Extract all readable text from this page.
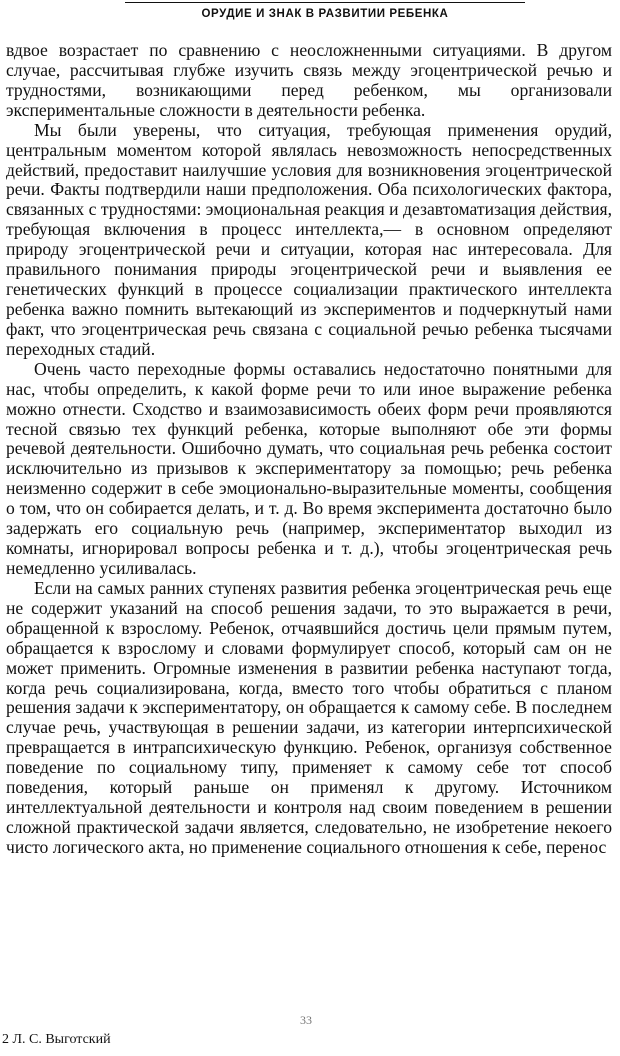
ОРУДИЕ И ЗНАК В РАЗВИТИИ РЕБЕНКА

вдвое возрастает по сравнению с неосложненными ситуациями. В другом случае, рассчитывая глубже изучить связь между эгоцентрической речью и трудностями, возникающими перед ребенком, мы организовали экспериментальные сложности в деятельности ребенка.

Мы были уверены, что ситуация, требующая применения орудий, центральным моментом которой являлась невозможность непосредственных действий, предоставит наилучшие условия для возникновения эгоцентрической речи. Факты подтвердили наши предположения. Оба психологических фактора, связанных с трудностями: эмоциональная реакция и дезавтоматизация действия, требующая включения в процесс интеллекта,— в основном определяют природу эгоцентрической речи и ситуации, которая нас интересовала. Для правильного понимания природы эгоцентрической речи и выявления ее генетических функций в процессе социализации практического интеллекта ребенка важно помнить вытекающий из экспериментов и подчеркнутый нами факт, что эгоцентрическая речь связана с социальной речью ребенка тысячами переходных стадий.

Очень часто переходные формы оставались недостаточно понятными для нас, чтобы определить, к какой форме речи то или иное выражение ребенка можно отнести. Сходство и взаимозависимость обеих форм речи проявляются тесной связью тех функций ребенка, которые выполняют обе эти формы речевой деятельности. Ошибочно думать, что социальная речь ребенка состоит исключительно из призывов к экспериментатору за помощью; речь ребенка неизменно содержит в себе эмоционально-выразительные моменты, сообщения о том, что он собирается делать, и т. д. Во время эксперимента достаточно было задержать его социальную речь (например, экспериментатор выходил из комнаты, игнорировал вопросы ребенка и т. д.), чтобы эгоцентрическая речь немедленно усиливалась.

Если на самых ранних ступенях развития ребенка эгоцентрическая речь еще не содержит указаний на способ решения задачи, то это выражается в речи, обращенной к взрослому. Ребенок, отчаявшийся достичь цели прямым путем, обращается к взрослому и словами формулирует способ, который сам он не может применить. Огромные изменения в развитии ребенка наступают тогда, когда речь социализирована, когда, вместо того чтобы обратиться с планом решения задачи к экспериментатору, он обращается к самому себе. В последнем случае речь, участвующая в решении задачи, из категории интерпсихической превращается в интрапсихическую функцию. Ребенок, организуя собственное поведение по социальному типу, применяет к самому себе тот способ поведения, который раньше он применял к другому. Источником интеллектуальной деятельности и контроля над своим поведением в решении сложной практической задачи является, следовательно, не изобретение некоего чисто логического акта, но применение социального отношения к себе, перенос

33
2 Л. С. Выготский
